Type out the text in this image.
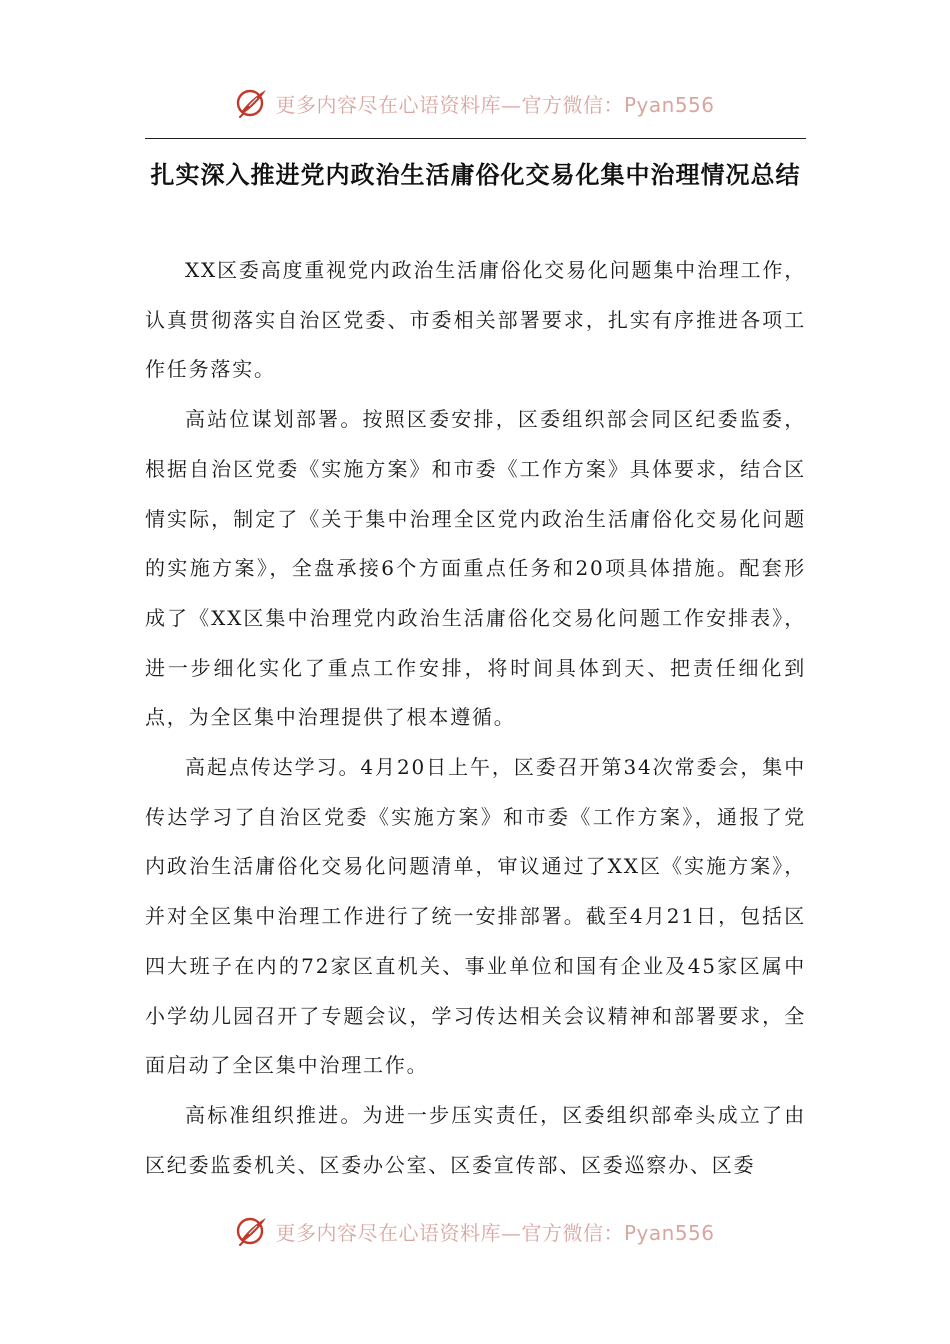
更多内容尽在心语资料库—官方微信：Pyan556
扎实深入推进党内政治生活庸俗化交易化集中治理情况总结

XX区委高度重视党内政治生活庸俗化交易化问题集中治理工作，认真贯彻落实自治区党委、市委相关部署要求，扎实有序推进各项工作任务落实。

高站位谋划部署。按照区委安排，区委组织部会同区纪委监委，根据自治区党委《实施方案》和市委《工作方案》具体要求，结合区情实际，制定了《关于集中治理全区党内政治生活庸俗化交易化问题的实施方案》，全盘承接6个方面重点任务和20项具体措施。配套形成了《XX区集中治理党内政治生活庸俗化交易化问题工作安排表》，进一步细化实化了重点工作安排，将时间具体到天、把责任细化到点，为全区集中治理提供了根本遵循。

高起点传达学习。4月20日上午，区委召开第34次常委会，集中传达学习了自治区党委《实施方案》和市委《工作方案》，通报了党内政治生活庸俗化交易化问题清单，审议通过了XX区《实施方案》，并对全区集中治理工作进行了统一安排部署。截至4月21日，包括区四大班子在内的72家区直机关、事业单位和国有企业及45家区属中小学幼儿园召开了专题会议，学习传达相关会议精神和部署要求，全面启动了全区集中治理工作。

高标准组织推进。为进一步压实责任，区委组织部牵头成立了由区纪委监委机关、区委办公室、区委宣传部、区委巡察办、区委

更多内容尽在心语资料库—官方微信：Pyan556
